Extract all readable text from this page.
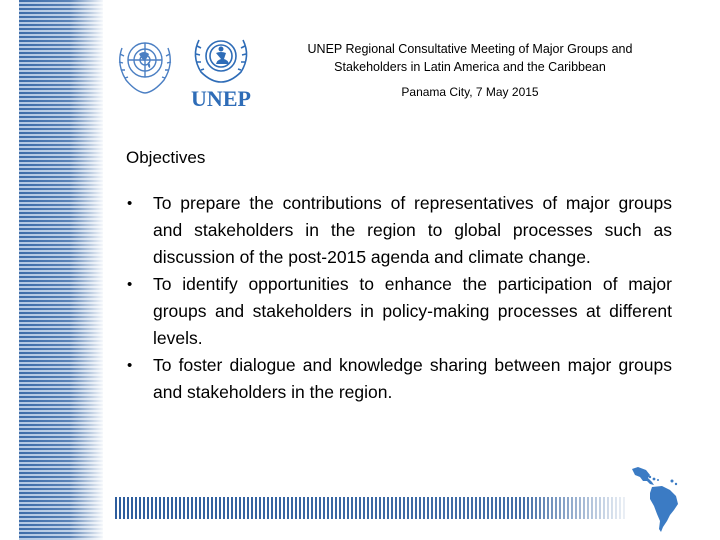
UNEP
UNEP Regional Consultative Meeting of Major Groups and
Stakeholders in Latin America and the Caribbean
Panama City, 7 May 2015
Objectives
• To prepare the contributions of representatives of major groups and stakeholders in the region to global processes such as discussion of the post-2015 agenda and climate change.
• To identify opportunities to enhance the participation of major groups and stakeholders in policy-making processes at different levels.
• To foster dialogue and knowledge sharing between major groups and stakeholders in the region.
